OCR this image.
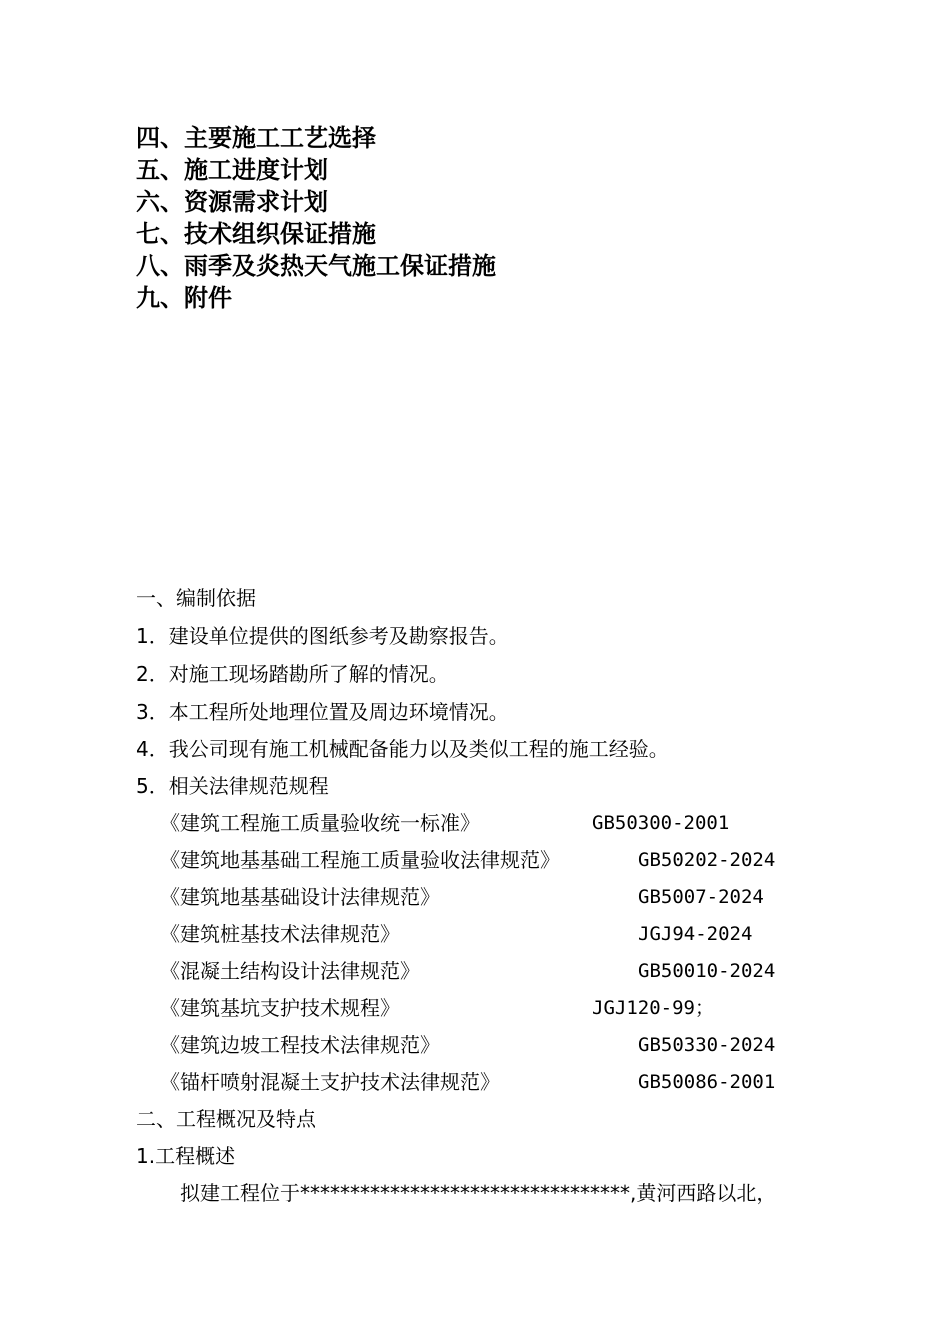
四、主要施工工艺选择
五、施工进度计划
六、资源需求计划
七、技术组织保证措施
八、雨季及炎热天气施工保证措施
九、附件
一、编制依据
1．建设单位提供的图纸参考及勘察报告。
2．对施工现场踏勘所了解的情况。
3．本工程所处地理位置及周边环境情况。
4．我公司现有施工机械配备能力以及类似工程的施工经验。
5．相关法律规范规程
《建筑工程施工质量验收统一标准》	GB50300-2001
《建筑地基基础工程施工质量验收法律规范》	GB50202-2024
《建筑地基基础设计法律规范》	GB5007-2024
《建筑桩基技术法律规范》	JGJ94-2024
《混凝土结构设计法律规范》	GB50010-2024
《建筑基坑支护技术规程》	JGJ120-99；
《建筑边坡工程技术法律规范》	GB50330-2024
《锚杆喷射混凝土支护技术法律规范》	GB50086-2001
二、工程概况及特点
1.工程概述
拟建工程位于*********************************,黄河西路以北，
